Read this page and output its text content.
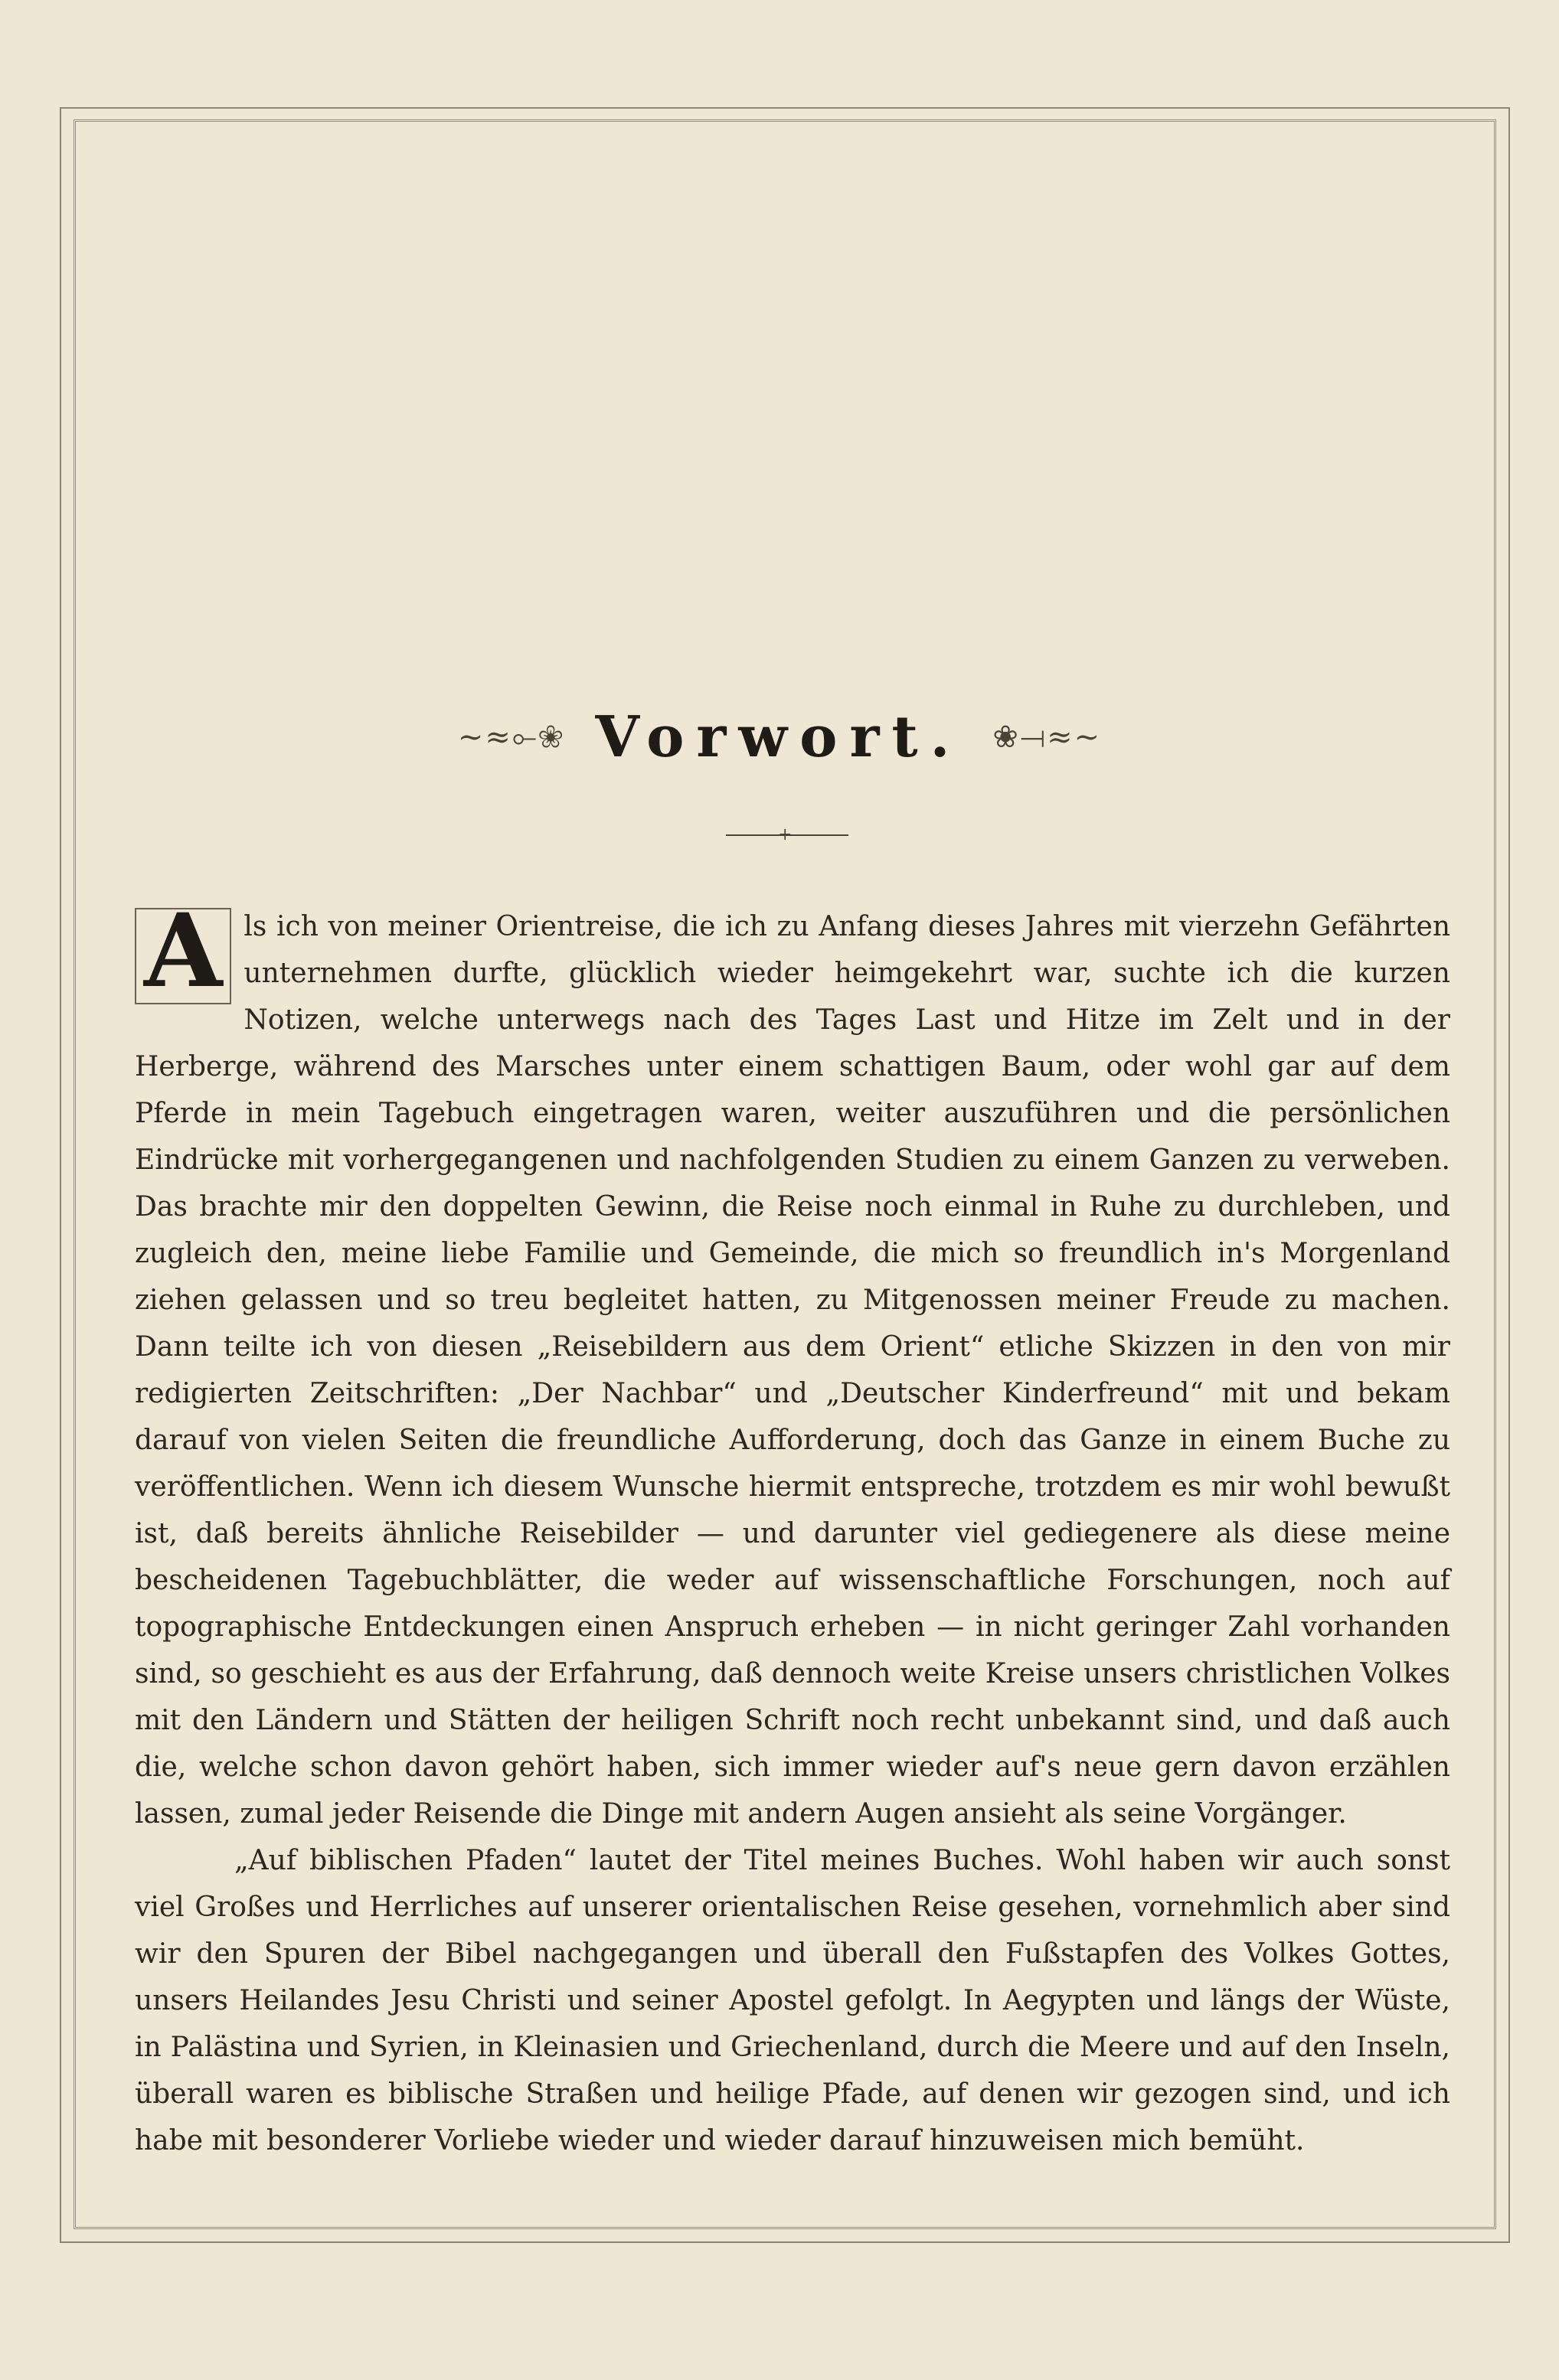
~≈⟜❀ Vorwort. ❀⟞≈~
+

A ls ich von meiner Orientreise, die ich zu Anfang dieses Jahres mit vierzehn Gefährten unternehmen durfte, glücklich wieder heimgekehrt war, suchte ich die kurzen Notizen, welche unterwegs nach des Tages Last und Hitze im Zelt und in der Herberge, während des Marsches unter einem schattigen Baum, oder wohl gar auf dem Pferde in mein Tagebuch eingetragen waren, weiter auszuführen und die persönlichen Eindrücke mit vorhergegangenen und nachfolgenden Studien zu einem Ganzen zu verweben. Das brachte mir den doppelten Gewinn, die Reise noch einmal in Ruhe zu durchleben, und zugleich den, meine liebe Familie und Gemeinde, die mich so freundlich in's Morgenland ziehen gelassen und so treu begleitet hatten, zu Mitgenossen meiner Freude zu machen. Dann teilte ich von diesen „Reisebildern aus dem Orient“ etliche Skizzen in den von mir redigierten Zeitschriften: „Der Nachbar“ und „Deutscher Kinderfreund“ mit und bekam darauf von vielen Seiten die freundliche Aufforderung, doch das Ganze in einem Buche zu veröffentlichen. Wenn ich diesem Wunsche hiermit entspreche, trotzdem es mir wohl bewußt ist, daß bereits ähnliche Reisebilder — und darunter viel gediegenere als diese meine bescheidenen Tagebuchblätter, die weder auf wissenschaftliche Forschungen, noch auf topographische Entdeckungen einen Anspruch erheben — in nicht geringer Zahl vorhanden sind, so geschieht es aus der Erfahrung, daß dennoch weite Kreise unsers christlichen Volkes mit den Ländern und Stätten der heiligen Schrift noch recht unbekannt sind, und daß auch die, welche schon davon gehört haben, sich immer wieder auf's neue gern davon erzählen lassen, zumal jeder Reisende die Dinge mit andern Augen ansieht als seine Vorgänger.

„Auf biblischen Pfaden“ lautet der Titel meines Buches. Wohl haben wir auch sonst viel Großes und Herrliches auf unserer orientalischen Reise gesehen, vornehmlich aber sind wir den Spuren der Bibel nachgegangen und überall den Fußstapfen des Volkes Gottes, unsers Heilandes Jesu Christi und seiner Apostel gefolgt. In Aegypten und längs der Wüste, in Palästina und Syrien, in Kleinasien und Griechenland, durch die Meere und auf den Inseln, überall waren es biblische Straßen und heilige Pfade, auf denen wir gezogen sind, und ich habe mit besonderer Vorliebe wieder und wieder darauf hinzuweisen mich bemüht.
